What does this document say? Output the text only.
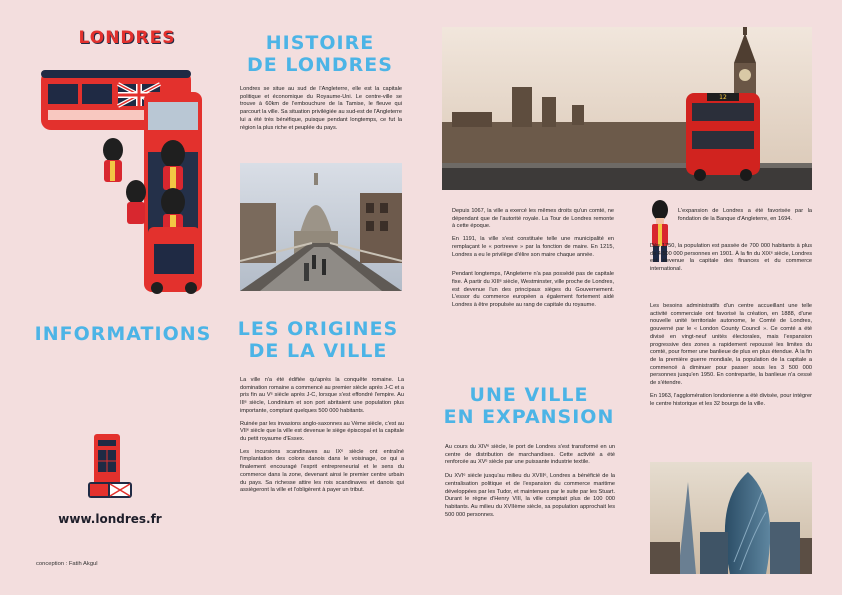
LONDRES
INFORMATIONS
www.londres.fr
conception : Fatih Akgul
HISTOIRE
DE LONDRES

Londres se situe au sud de l'Angleterre, elle est la capitale politique et économique du Royaume-Uni. Le centre-ville se trouve à 60km de l'embouchure de la Tamise, le fleuve qui parcourt la ville. Sa situation privilégiée au sud-est de l'Angleterre lui a été très bénéfique, puisque pendant longtemps, ce fut la région la plus riche et peuplée du pays.

LES ORIGINES
DE LA VILLE

La ville n'a été édifiée qu'après la conquête romaine. La domination romaine a commencé au premier siècle après J-C et a pris fin au Vᵉ siècle après J-C, lorsque s'est effondré l'empire. Au IIIᵉ siècle, Londinium et son port abritaient une population plus importante, comptant quelques 500 000 habitants.

Ruinée par les invasions anglo-saxonnes au Vème siècle, c'est au VIIᵉ siècle que la ville est devenue le siège épiscopal et la capitale du petit royaume d'Essex.

Les incursions scandinaves au IXᵉ siècle ont entraîné l'implantation des colons danois dans le voisinage, ce qui a finalement encouragé l'esprit entrepreneurial et le sens du commerce dans la zone, devenant ainsi le premier centre urbain du pays. Sa richesse attire les rois scandinaves et danois qui assiègeront la ville et l'obligèrent à payer un tribut.

12

Depuis 1067, la ville a exercé les mêmes droits qu'un comté, ne dépendant que de l'autorité royale. La Tour de Londres remonte à cette époque.

En 1191, la ville s'est constituée telle une municipalité en remplaçant le « portreeve » par la fonction de maire. En 1215, Londres a eu le privilège d'élire son maire chaque année.

Pendant longtemps, l'Angleterre n'a pas possédé pas de capitale fixe. À partir du XIIIᵉ siècle, Westminster, ville proche de Londres, est devenue l'un des principaux sièges du Gouvernement. L'essor du commerce européen a également fortement aidé Londres à être propulsée au rang de capitale du royaume.

UNE VILLE
EN EXPANSION

Au cours du XIVᵉ siècle, le port de Londres s'est transformé en un centre de distribution de marchandises. Cette activité a été renforcée au XVᵉ siècle par une puissante industrie textile.

Du XVIᵉ siècle jusqu'au milieu du XVIIIᵉ, Londres a bénéficié de la centralisation politique et de l'expansion du commerce maritime développées par les Tudor, et maintenues par le suite par les Stuart. Durant le règne d'Henry VIII, la ville comptait plus de 100 000 habitants. Au milieu du XVIIème siècle, sa population approchait les 500 000 personnes.

L'expansion de Londres a été favorisée par la fondation de la Banque d'Angleterre, en 1694.

Dès 1750, la population est passée de 700 000 habitants à plus de 4 500 000 personnes en 1901. À la fin du XIXᵉ siècle, Londres est devenue la capitale des finances et du commerce international.

Les besoins administratifs d'un centre accueillant une telle activité commerciale ont favorisé la création, en 1888, d'une nouvelle unité territoriale autonome, le Comté de Londres, gouverné par le « London County Council ». Ce comté a été divisé en vingt-neuf unités électorales, mais l'expansion progressive des zones a rapidement repoussé les limites du comté, pour former une banlieue de plus en plus étendue. À la fin de la première guerre mondiale, la population de la capitale a commencé à diminuer pour passer sous les 3 500 000 personnes jusqu'en 1950. En contrepartie, la banlieue n'a cessé de s'étendre.

En 1963, l'agglomération londonienne a été divisée, pour intégrer le centre historique et les 32 bourgs de la ville.
